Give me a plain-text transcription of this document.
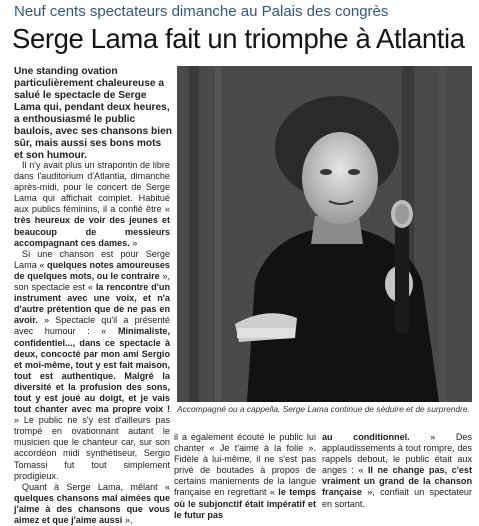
Neuf cents spectateurs dimanche au Palais des congrès
Serge Lama fait un triomphe à Atlantia

Une standing ovation particulièrement chaleureuse a salué le spectacle de Serge Lama qui, pendant deux heures, a enthousiasmé le public baulois, avec ses chansons bien sûr, mais aussi ses bons mots et son humour.

Il n'y avait plus un strapontin de libre dans l'auditorium d'Atlantia, dimanche après-midi, pour le concert de Serge Lama qui affichait complet. Habitué aux publics féminins, il a confié être « très heureux de voir des jeunes et beaucoup de messieurs accompagnant ces dames. »

Si une chanson est pour Serge Lama « quelques notes amoureuses de quelques mots, ou le contraire », son spectacle est « la rencontre d'un instrument avec une voix, et n'a d'autre prétention que de ne pas en avoir. » Spectacle qu'il a présenté avec humour : « Minimaliste, confidentiel..., dans ce spectacle à deux, concocté par mon ami Sergio et moi-même, tout y est fait maison, tout est authentique. Malgré la diversité et la profusion des sons, tout y est joué au doigt, et je vais tout chanter avec ma propre voix ! » Le public ne s'y est d'ailleurs pas trompé en ovationnant autant le musicien que le chanteur car, sur son accordéon midi synthétiseur, Sergio Tomassi fut tout simplement prodigieux.

Quant à Serge Lama, mêlant « quelques chansons mal aimées que j'aime à des chansons que vous aimez et que j'aime aussi »,

Accompagné ou a cappella, Serge Lama continue de séduire et de surprendre.

il a également écouté le public lui chanter « Je t'aime à la folie ». Fidèle à lui-même, il ne s'est pas privé de boutades à propos de certains maniements de la langue française en regrettant « le temps où le subjonctif était impératif et le futur pas

au conditionnel. » Des applaudissements à tout rompre, des rappels debout, le public était aux anges : « Il ne change pas, c'est vraiment un grand de la chanson française », confiait un spectateur en sortant.
